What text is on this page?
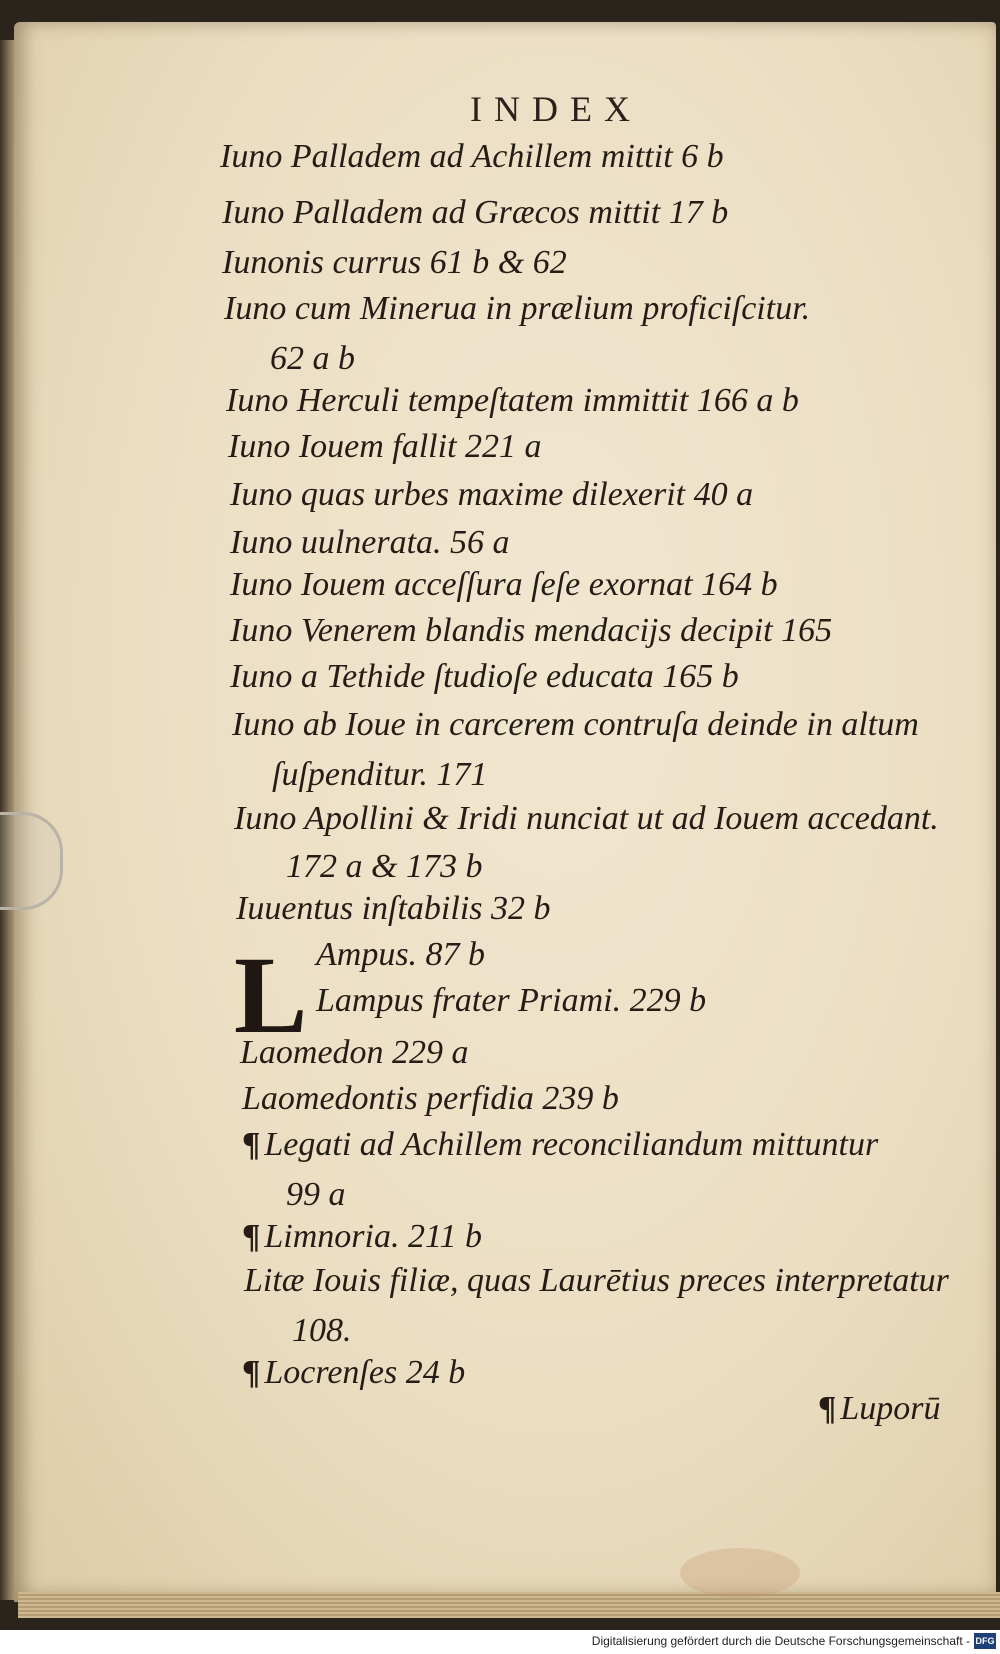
INDEX
Iuno Palladem ad Achillem mittit 6 b
Iuno Palladem ad Græcos mittit 17 b
Iunonis currus 61 b & 62
Iuno cum Minerua in prælium proficiſcitur.
62 a b
Iuno Herculi tempeſtatem immittit 166 a b
Iuno Iouem fallit 221 a
Iuno quas urbes maxime dilexerit 40 a
Iuno uulnerata. 56 a
Iuno Iouem acceſſura ſeſe exornat 164 b
Iuno Venerem blandis mendacijs decipit 165
Iuno a Tethide ſtudioſe educata 165 b
Iuno ab Ioue in carcerem contruſa deinde in altum
ſuſpenditur. 171
Iuno Apollini & Iridi nunciat ut ad Iouem accedant.
172 a & 173 b
Iuuentus inſtabilis 32 b
Ampus. 87 b
Lampus frater Priami. 229 b
Laomedon 229 a
Laomedontis perfidia 239 b
¶ Legati ad Achillem reconciliandum mittuntur
99 a
¶ Limnoria. 211 b
Litæ Iouis filiæ, quas Laurētius preces interpretatur
108.
¶ Locrenſes 24 b
L
¶ Luporū
Digitalisierung gefördert durch die Deutsche Forschungsgemeinschaft - DFG
